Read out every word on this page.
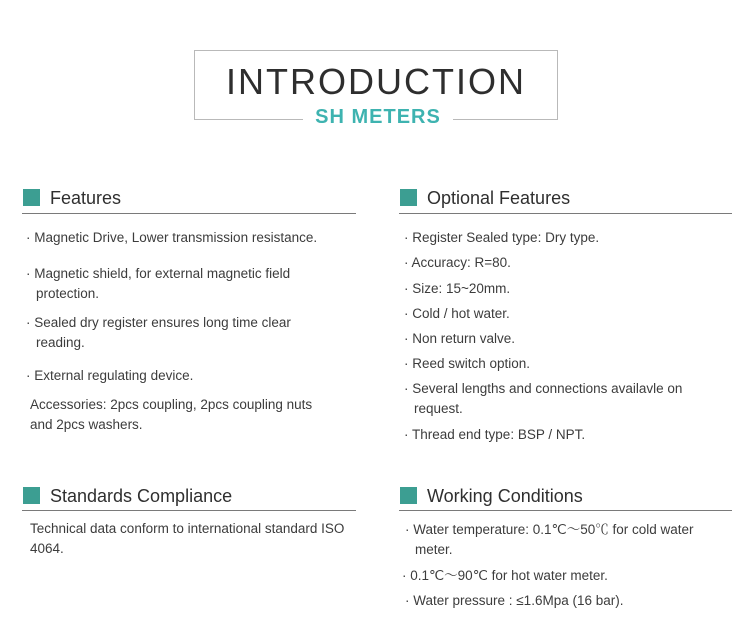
INTRODUCTION
SH METERS
Features
· Magnetic Drive, Lower transmission resistance.
· Magnetic shield, for external magnetic field protection.
· Sealed dry register ensures long time clear reading.
· External regulating device.
Accessories: 2pcs coupling, 2pcs coupling nuts and 2pcs washers.
Optional Features
· Register Sealed type: Dry type.
· Accuracy: R=80.
· Size: 15~20mm.
· Cold / hot water.
· Non return valve.
· Reed switch option.
· Several lengths and connections availavle on request.
· Thread end type: BSP / NPT.
Standards Compliance
Technical data conform to international standard ISO 4064.
Working Conditions
· Water temperature: 0.1℃〜50℃ for cold water meter.
· 0.1℃〜90℃ for hot water meter.
· Water pressure : ≤1.6Mpa (16 bar).
